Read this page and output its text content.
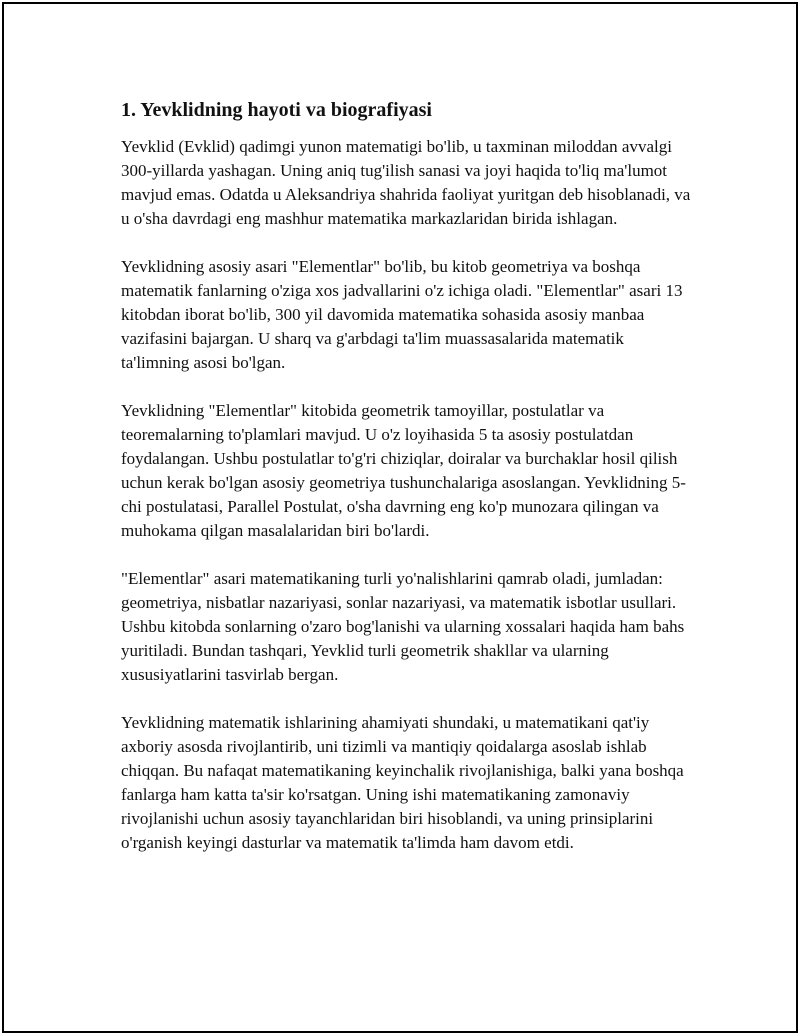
1. Yevklidning hayoti va biografiyasi

Yevklid (Evklid) qadimgi yunon matematigi bo'lib, u taxminan miloddan avvalgi 300-yillarda yashagan. Uning aniq tug'ilish sanasi va joyi haqida to'liq ma'lumot mavjud emas. Odatda u Aleksandriya shahrida faoliyat yuritgan deb hisoblanadi, va u o'sha davrdagi eng mashhur matematika markazlaridan birida ishlagan.

Yevklidning asosiy asari "Elementlar" bo'lib, bu kitob geometriya va boshqa matematik fanlarning o'ziga xos jadvallarini o'z ichiga oladi. "Elementlar" asari 13 kitobdan iborat bo'lib, 300 yil davomida matematika sohasida asosiy manbaa vazifasini bajargan. U sharq va g'arbdagi ta'lim muassasalarida matematik ta'limning asosi bo'lgan.

Yevklidning "Elementlar" kitobida geometrik tamoyillar, postulatlar va teoremalarning to'plamlari mavjud. U o'z loyihasida 5 ta asosiy postulatdan foydalangan. Ushbu postulatlar to'g'ri chiziqlar, doiralar va burchaklar hosil qilish uchun kerak bo'lgan asosiy geometriya tushunchalariga asoslangan. Yevklidning 5-chi postulatasi, Parallel Postulat, o'sha davrning eng ko'p munozara qilingan va muhokama qilgan masalalaridan biri bo'lardi.

"Elementlar" asari matematikaning turli yo'nalishlarini qamrab oladi, jumladan: geometriya, nisbatlar nazariyasi, sonlar nazariyasi, va matematik isbotlar usullari. Ushbu kitobda sonlarning o'zaro bog'lanishi va ularning xossalari haqida ham bahs yuritiladi. Bundan tashqari, Yevklid turli geometrik shakllar va ularning xususiyatlarini tasvirlab bergan.

Yevklidning matematik ishlarining ahamiyati shundaki, u matematikani qat'iy axboriy asosda rivojlantirib, uni tizimli va mantiqiy qoidalarga asoslab ishlab chiqqan. Bu nafaqat matematikaning keyinchalik rivojlanishiga, balki yana boshqa fanlarga ham katta ta'sir ko'rsatgan. Uning ishi matematikaning zamonaviy rivojlanishi uchun asosiy tayanchlaridan biri hisoblandi, va uning prinsiplarini o'rganish keyingi dasturlar va matematik ta'limda ham davom etdi.
